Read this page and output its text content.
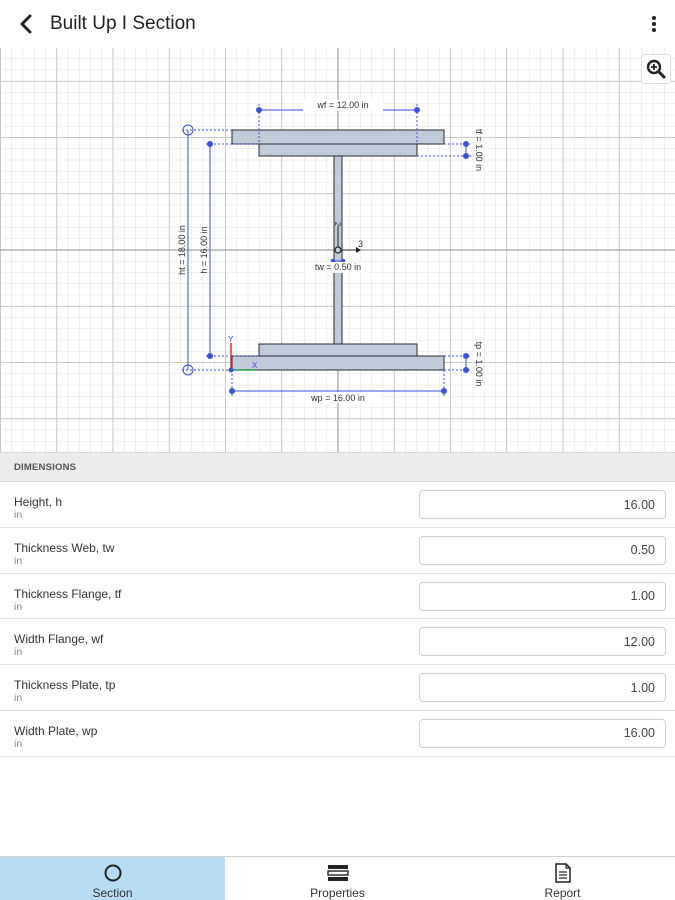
Built Up I Section
wf = 12.00 in
wp = 16.00 in
tw = 0.50 in
ht = 18.00 in h = 16.00 in
tf = 1.00 in
tp = 1.00 in
2
3
Y
X
DIMENSIONS
Height, h
in
16.00
Thickness Web, tw
in
0.50
Thickness Flange, tf
in
1.00
Width Flange, wf
in
12.00
Thickness Plate, tp
in
1.00
Width Plate, wp
in
16.00
Section	Properties	Report
